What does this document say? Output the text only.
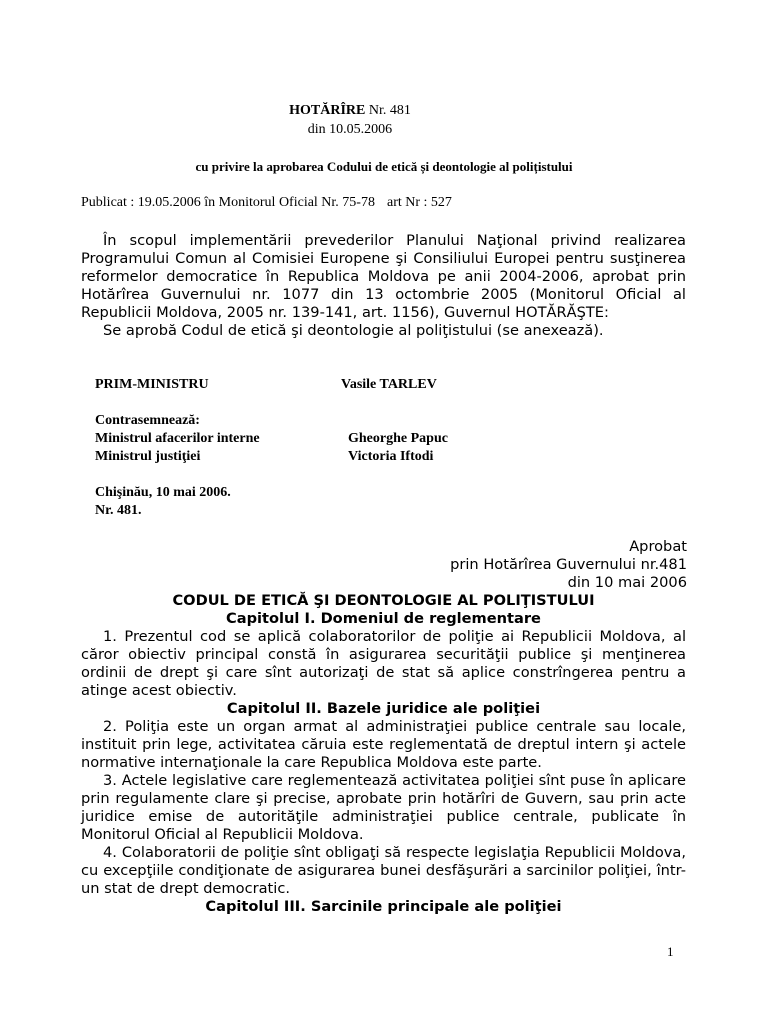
HOTĂRÎRE Nr. 481
din 10.05.2006
cu privire la aprobarea Codului de etică și deontologie al polițistului
Publicat : 19.05.2006 în Monitorul Oficial Nr. 75-78 art Nr : 527

În scopul implementării prevederilor Planului Naţional privind realizarea Programului Comun al Comisiei Europene şi Consiliului Europei pentru susţinerea reformelor democratice în Republica Moldova pe anii 2004-2006, aprobat prin Hotărîrea Guvernului nr. 1077 din 13 octombrie 2005 (Monitorul Oficial al Republicii Moldova, 2005 nr. 139-141, art. 1156), Guvernul HOTĂRĂŞTE:

Se aprobă Codul de etică şi deontologie al poliţistului (se anexează).

PRIM-MINISTRU	Vasile TARLEV
Contrasemnează:
Ministrul afacerilor interne	Gheorghe Papuc
Ministrul justiţiei	Victoria Iftodi
Chişinău, 10 mai 2006.
Nr. 481.
Aprobat
prin Hotărîrea Guvernului nr.481
din 10 mai 2006

CODUL DE ETICĂ ŞI DEONTOLOGIE AL POLIŢISTULUI

Capitolul I. Domeniul de reglementare

1. Prezentul cod se aplică colaboratorilor de poliţie ai Republicii Moldova, al căror obiectiv principal constă în asigurarea securităţii publice şi menţinerea ordinii de drept şi care sînt autorizaţi de stat să aplice constrîngerea pentru a atinge acest obiectiv.

Capitolul II. Bazele juridice ale poliţiei

2. Poliţia este un organ armat al administraţiei publice centrale sau locale, instituit prin lege, activitatea căruia este reglementată de dreptul intern şi actele normative internaţionale la care Republica Moldova este parte.

3. Actele legislative care reglementează activitatea poliţiei sînt puse în aplicare prin regulamente clare şi precise, aprobate prin hotărîri de Guvern, sau prin acte juridice emise de autorităţile administraţiei publice centrale, publicate în Monitorul Oficial al Republicii Moldova.

4. Colaboratorii de poliţie sînt obligaţi să respecte legislaţia Republicii Moldova, cu excepţiile condiţionate de asigurarea bunei desfăşurări a sarcinilor poliţiei, într-un stat de drept democratic.

Capitolul III. Sarcinile principale ale poliţiei

1
